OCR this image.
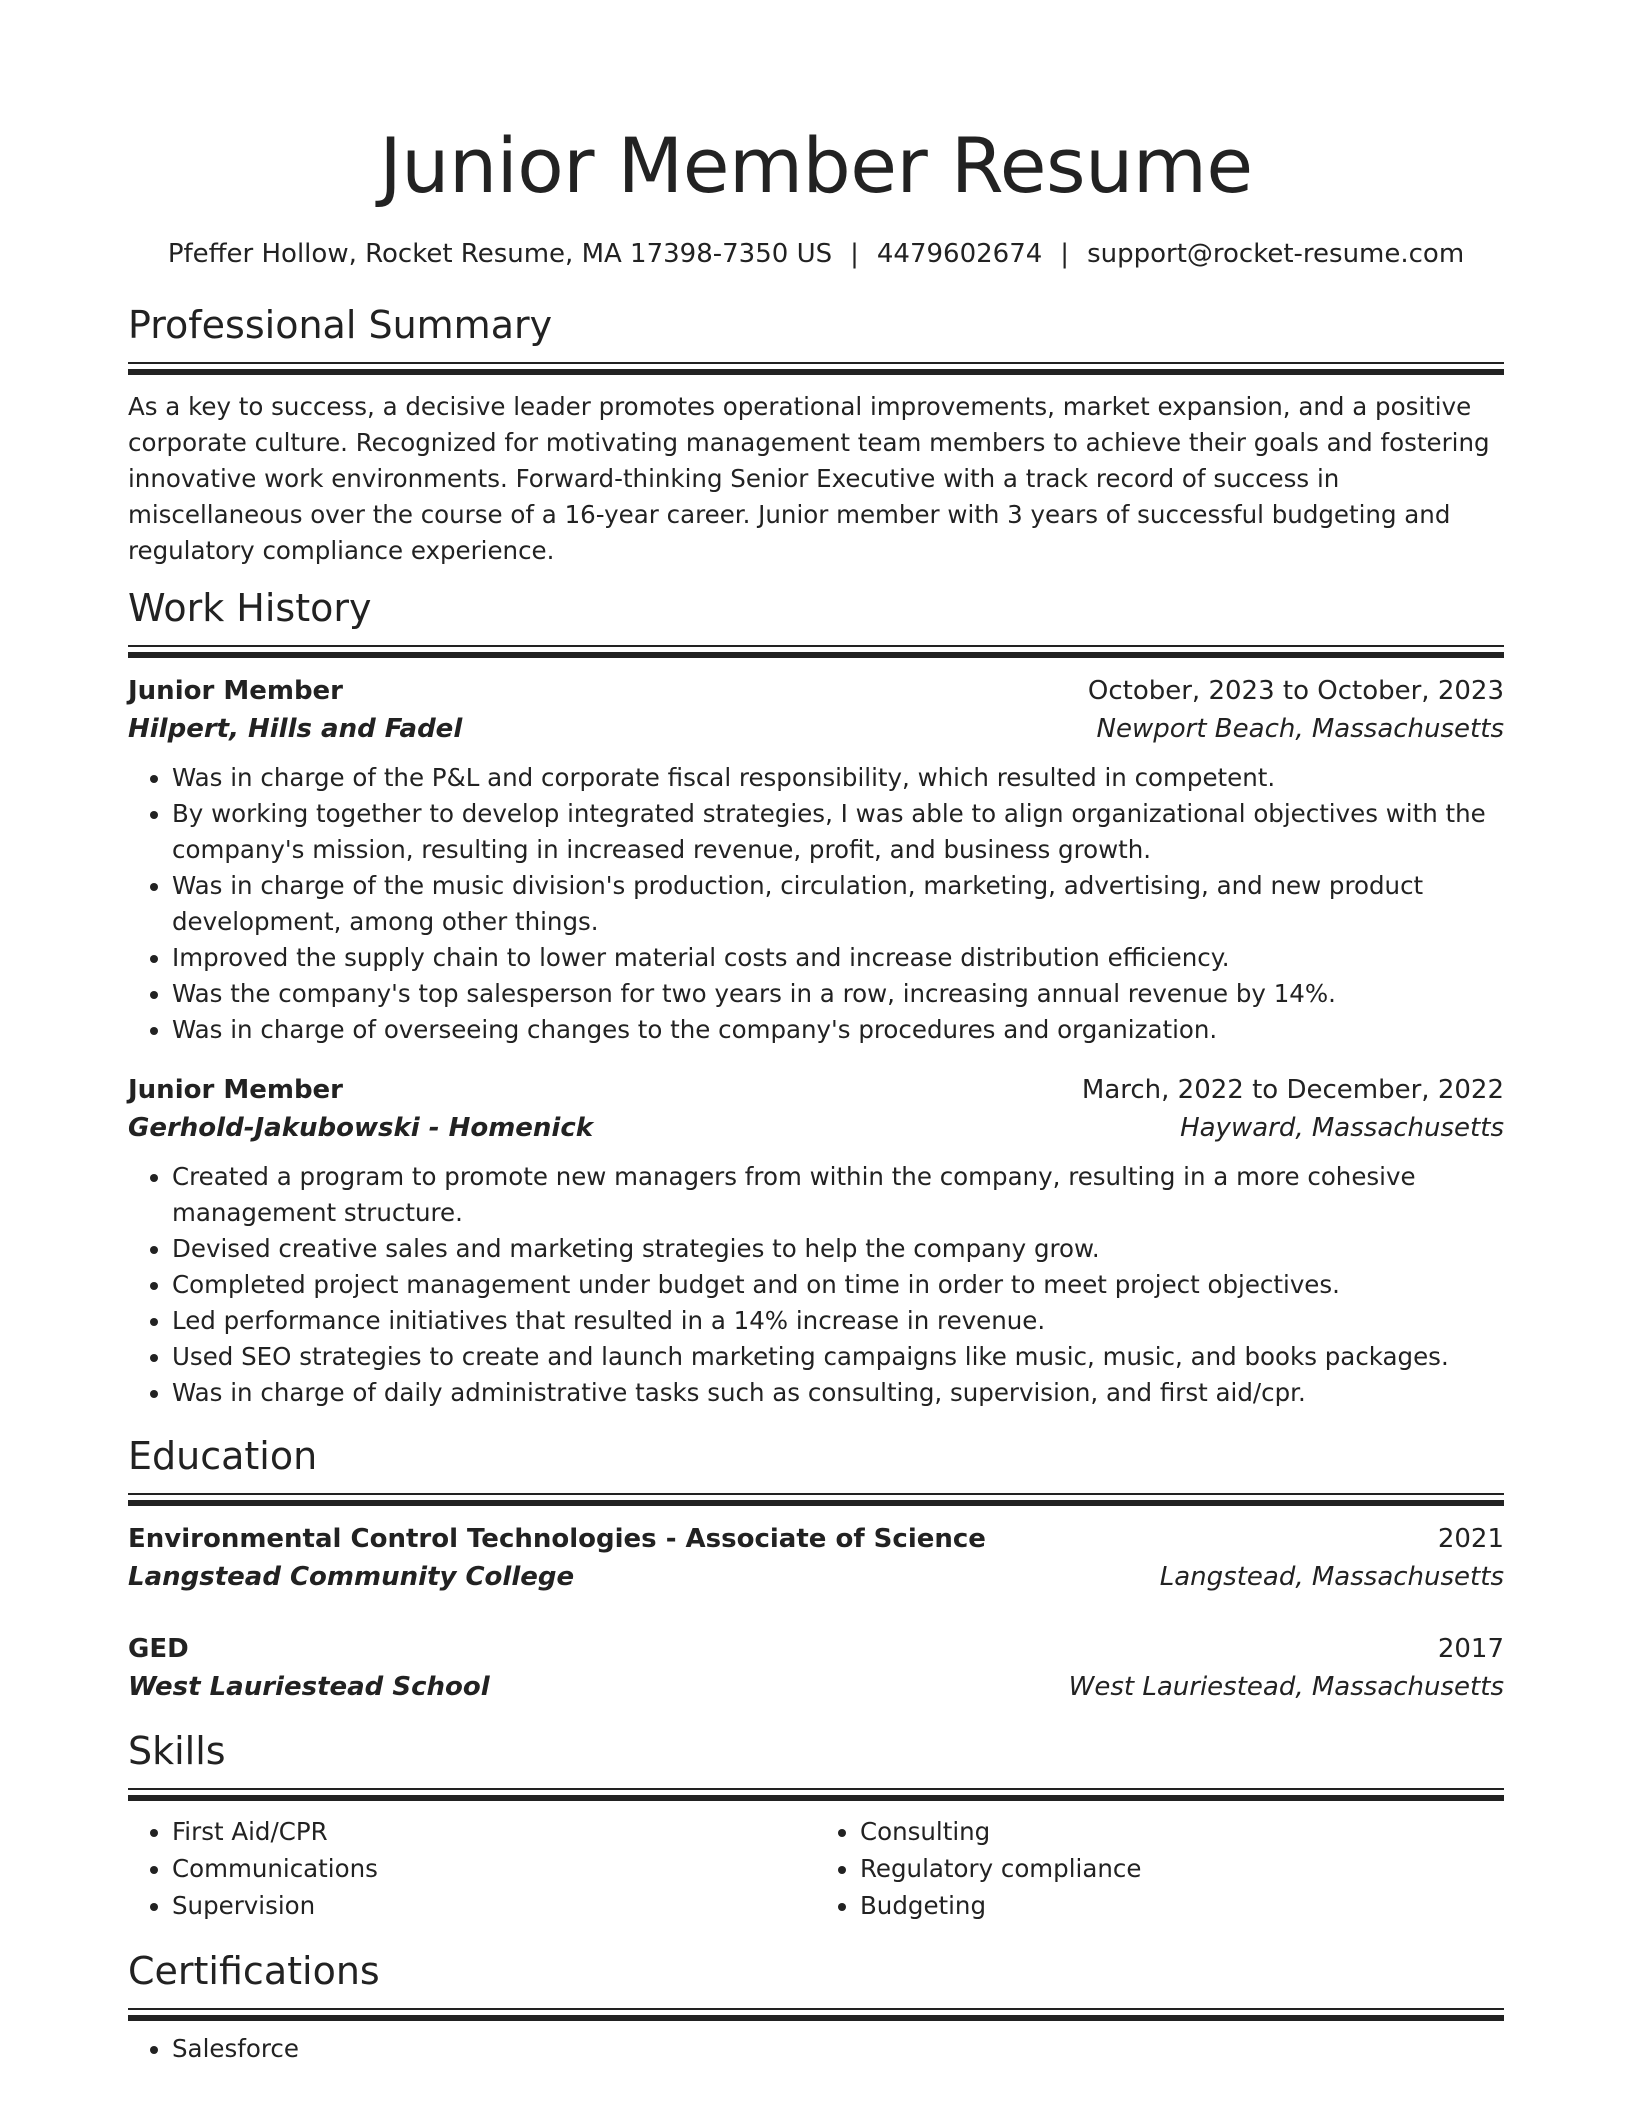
Junior Member Resume
Pfeffer Hollow, Rocket Resume, MA 17398-7350 US | 4479602674 | support@rocket-resume.com
Professional Summary
As a key to success, a decisive leader promotes operational improvements, market expansion, and a positive corporate culture. Recognized for motivating management team members to achieve their goals and fostering innovative work environments. Forward-thinking Senior Executive with a track record of success in miscellaneous over the course of a 16-year career. Junior member with 3 years of successful budgeting and regulatory compliance experience.
Work History
Junior Member	October, 2023 to October, 2023
Hilpert, Hills and Fadel	Newport Beach, Massachusetts
• Was in charge of the P&L and corporate fiscal responsibility, which resulted in competent.
• By working together to develop integrated strategies, I was able to align organizational objectives with the company's mission, resulting in increased revenue, profit, and business growth.
• Was in charge of the music division's production, circulation, marketing, advertising, and new product development, among other things.
• Improved the supply chain to lower material costs and increase distribution efficiency.
• Was the company's top salesperson for two years in a row, increasing annual revenue by 14%.
• Was in charge of overseeing changes to the company's procedures and organization.
Junior Member	March, 2022 to December, 2022
Gerhold-Jakubowski - Homenick	Hayward, Massachusetts
• Created a program to promote new managers from within the company, resulting in a more cohesive management structure.
• Devised creative sales and marketing strategies to help the company grow.
• Completed project management under budget and on time in order to meet project objectives.
• Led performance initiatives that resulted in a 14% increase in revenue.
• Used SEO strategies to create and launch marketing campaigns like music, music, and books packages.
• Was in charge of daily administrative tasks such as consulting, supervision, and first aid/cpr.
Education
Environmental Control Technologies - Associate of Science	2021
Langstead Community College	Langstead, Massachusetts
GED	2017
West Lauriestead School	West Lauriestead, Massachusetts
Skills
• First Aid/CPR
• Communications
• Supervision
• Consulting
• Regulatory compliance
• Budgeting
Certifications
• Salesforce
